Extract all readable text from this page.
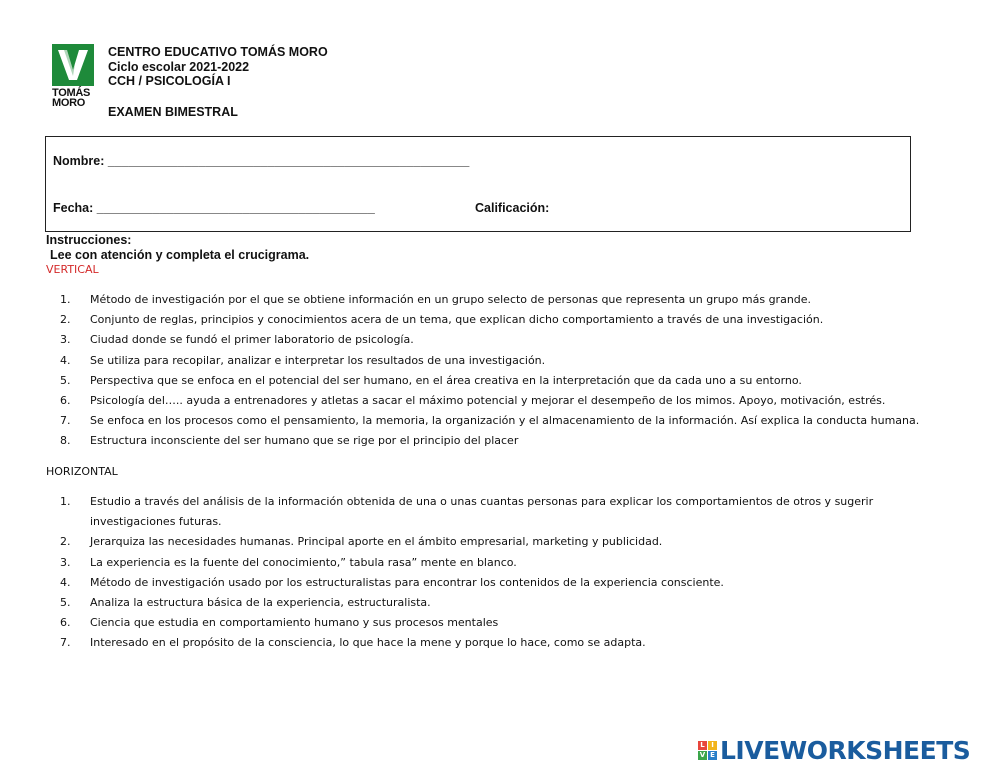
TOMÁS
MORO
CENTRO EDUCATIVO TOMÁS MORO
Ciclo escolar 2021-2022
CCH / PSICOLOGÍA I
EXAMEN BIMESTRAL
Nombre: ____________________________________________________
Fecha: ________________________________________	Calificación:
Instrucciones:
Lee con atención y completa el crucigrama.
VERTICAL
1.	Método de investigación por el que se obtiene información en un grupo selecto de personas que representa un grupo más grande.
2.	Conjunto de reglas, principios y conocimientos acera de un tema, que explican dicho comportamiento a través de una investigación.
3.	Ciudad donde se fundó el primer laboratorio de psicología.
4.	Se utiliza para recopilar, analizar e interpretar los resultados de una investigación.
5.	Perspectiva que se enfoca en el potencial del ser humano, en el área creativa en la interpretación que da cada uno a su entorno.
6.	Psicología del….. ayuda a entrenadores y atletas a sacar el máximo potencial y mejorar el desempeño de los mimos. Apoyo, motivación, estrés.
7.	Se enfoca en los procesos como el pensamiento, la memoria, la organización y el almacenamiento de la información. Así explica la conducta humana.
8.	Estructura inconsciente del ser humano que se rige por el principio del placer
HORIZONTAL
1.	Estudio a través del análisis de la información obtenida de una o unas cuantas personas para explicar los comportamientos de otros y sugerir investigaciones futuras.
2.	Jerarquiza las necesidades humanas. Principal aporte en el ámbito empresarial, marketing y publicidad.
3.	La experiencia es la fuente del conocimiento,” tabula rasa” mente en blanco.
4.	Método de investigación usado por los estructuralistas para encontrar los contenidos de la experiencia consciente.
5.	Analiza la estructura básica de la experiencia, estructuralista.
6.	Ciencia que estudia en comportamiento humano y sus procesos mentales
7.	Interesado en el propósito de la consciencia, lo que hace la mene y porque lo hace, como se adapta.
L I
V E LIVEWORKSHEETS
